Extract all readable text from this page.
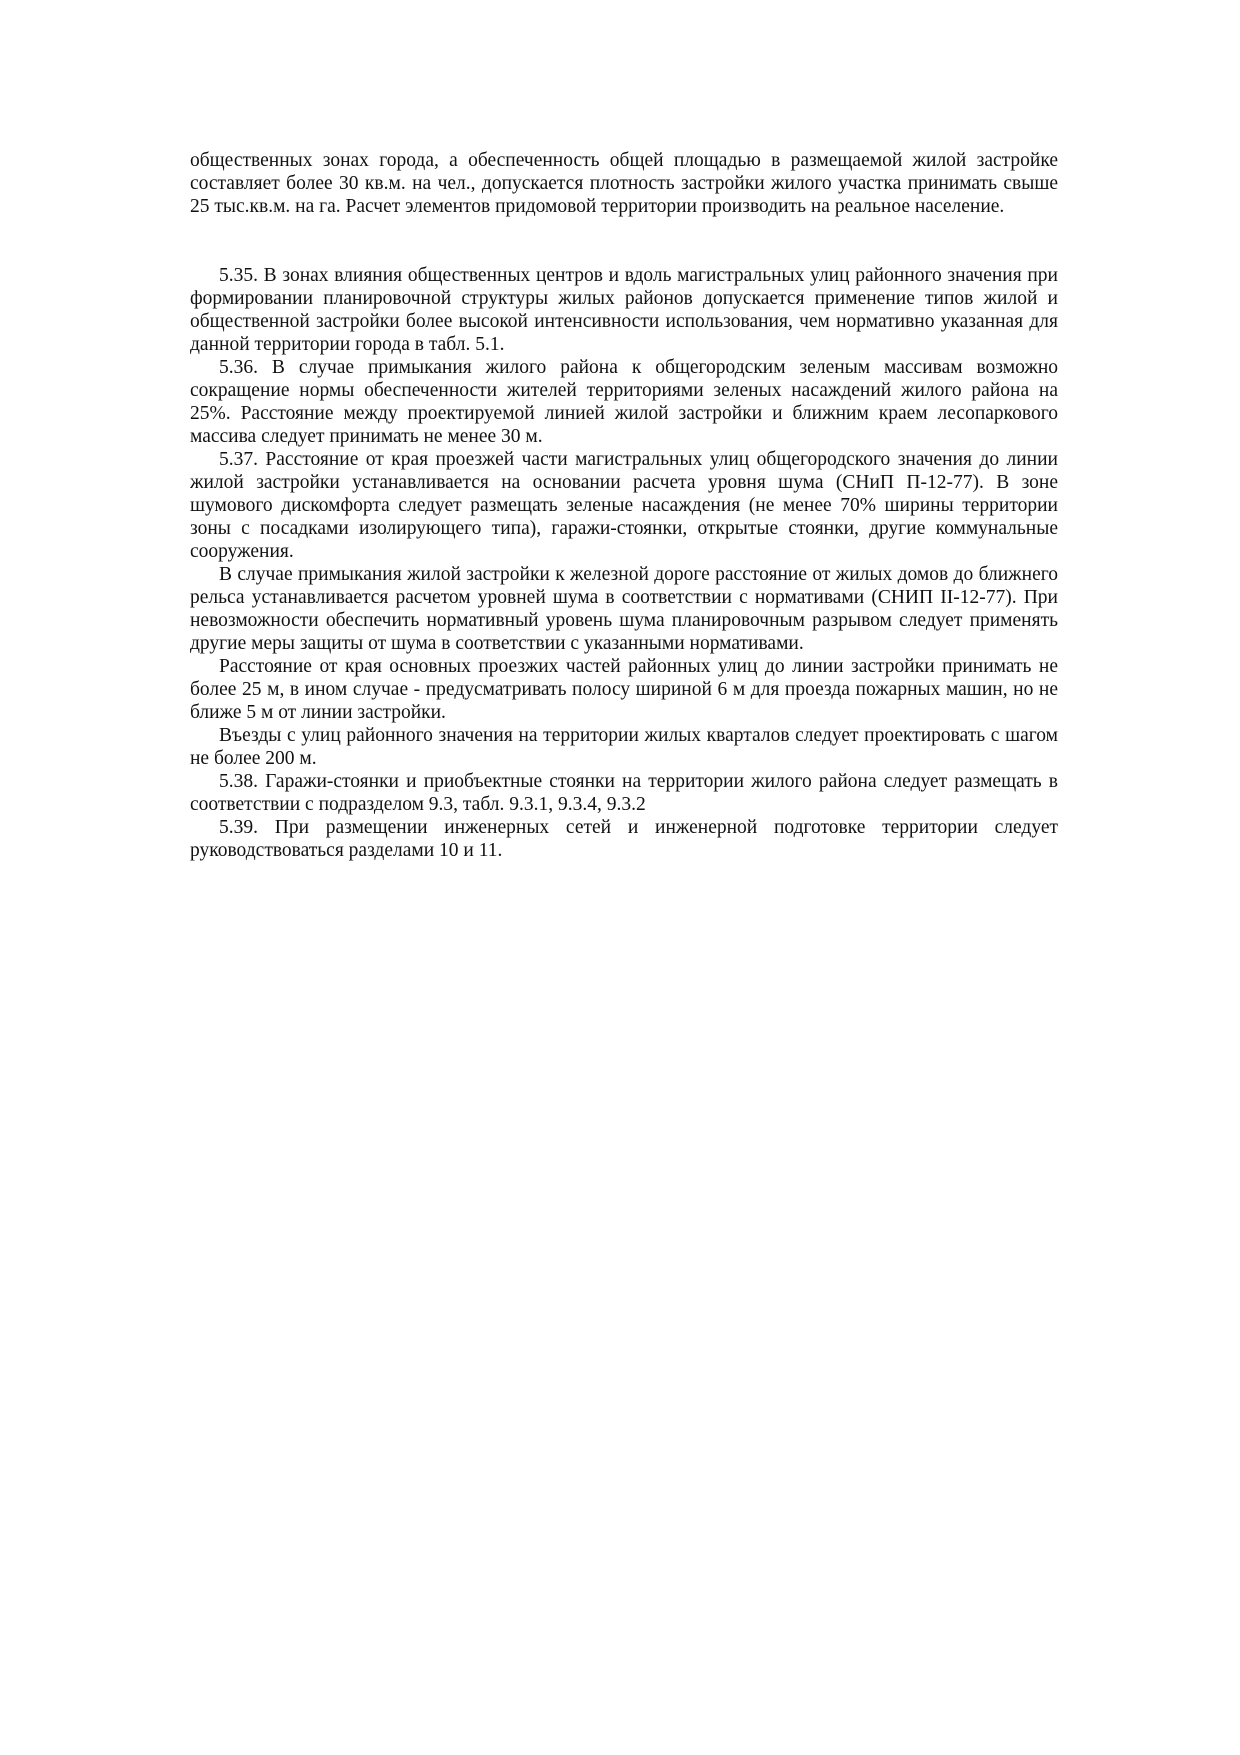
общественных зонах города, а обеспеченность общей площадью в размещаемой жилой застройке составляет более 30 кв.м. на чел., допускается плотность застройки жилого участка принимать свыше 25 тыс.кв.м. на га. Расчет элементов придомовой территории производить на реальное население.

5.35. В зонах влияния общественных центров и вдоль магистральных улиц районного значения при формировании планировочной структуры жилых районов допускается применение типов жилой и общественной застройки более высокой интенсивности использования, чем нормативно указанная для данной территории города в табл. 5.1.

5.36. В случае примыкания жилого района к общегородским зеленым массивам возможно сокращение нормы обеспеченности жителей территориями зеленых насаждений жилого района на 25%. Расстояние между проектируемой линией жилой застройки и ближним краем лесопаркового массива следует принимать не менее 30 м.

5.37. Расстояние от края проезжей части магистральных улиц общегородского значения до линии жилой застройки устанавливается на основании расчета уровня шума (СНиП П-12-77). В зоне шумового дискомфорта следует размещать зеленые насаждения (не менее 70% ширины территории зоны с посадками изолирующего типа), гаражи-стоянки, открытые стоянки, другие коммунальные сооружения.

В случае примыкания жилой застройки к железной дороге расстояние от жилых домов до ближнего рельса устанавливается расчетом уровней шума в соответствии с нормативами (СНИП II-12-77). При невозможности обеспечить нормативный уровень шума планировочным разрывом следует применять другие меры защиты от шума в соответствии с указанными нормативами.

Расстояние от края основных проезжих частей районных улиц до линии застройки принимать не более 25 м, в ином случае - предусматривать полосу шириной 6 м для проезда пожарных машин, но не ближе 5 м от линии застройки.

Въезды с улиц районного значения на территории жилых кварталов следует проектировать с шагом не более 200 м.

5.38. Гаражи-стоянки и приобъектные стоянки на территории жилого района следует размещать в соответствии с подразделом 9.3, табл. 9.3.1, 9.3.4, 9.3.2

5.39. При размещении инженерных сетей и инженерной подготовке территории следует руководствоваться разделами 10 и 11.
